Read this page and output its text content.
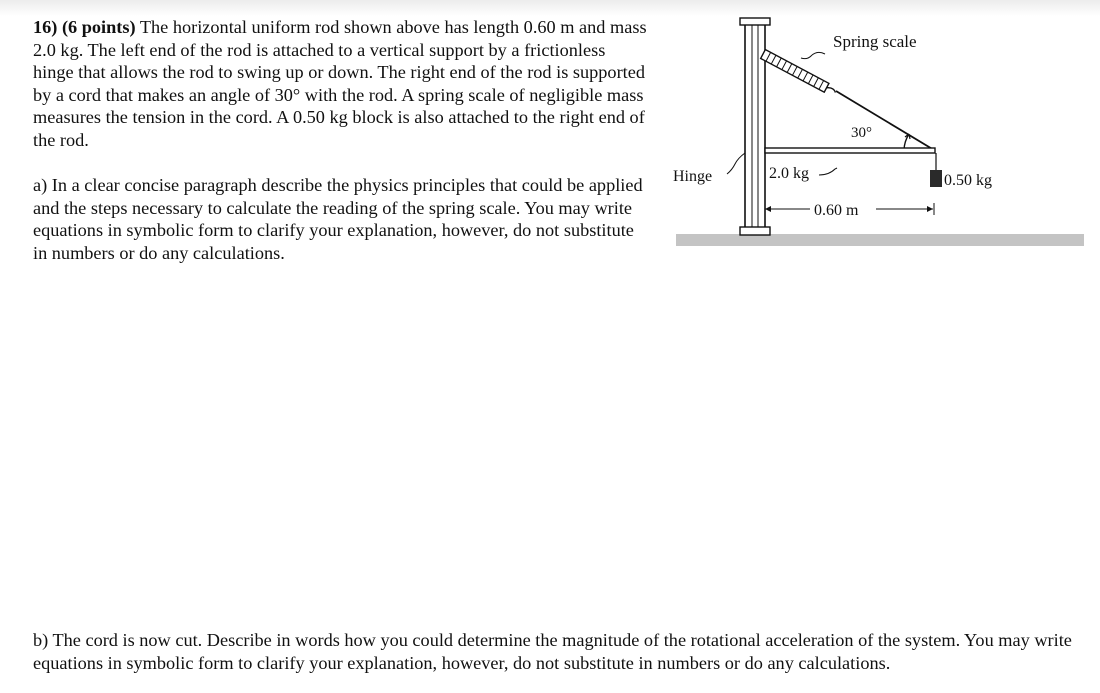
16) (6 points) The horizontal uniform rod shown above has length 0.60 m and mass 2.0 kg. The left end of the rod is attached to a vertical support by a frictionless hinge that allows the rod to swing up or down. The right end of the rod is supported by a cord that makes an angle of 30° with the rod. A spring scale of negligible mass measures the tension in the cord. A 0.50 kg block is also attached to the right end of the rod.

a) In a clear concise paragraph describe the physics principles that could be applied and the steps necessary to calculate the reading of the spring scale. You may write equations in symbolic form to clarify your explanation, however, do not substitute in numbers or do any calculations.

b) The cord is now cut. Describe in words how you could determine the magnitude of the rotational acceleration of the system. You may write equations in symbolic form to clarify your explanation, however, do not substitute in numbers or do any calculations.

Spring scale
30°
0.50 kg
Hinge	2.0 kg
0.60 m
